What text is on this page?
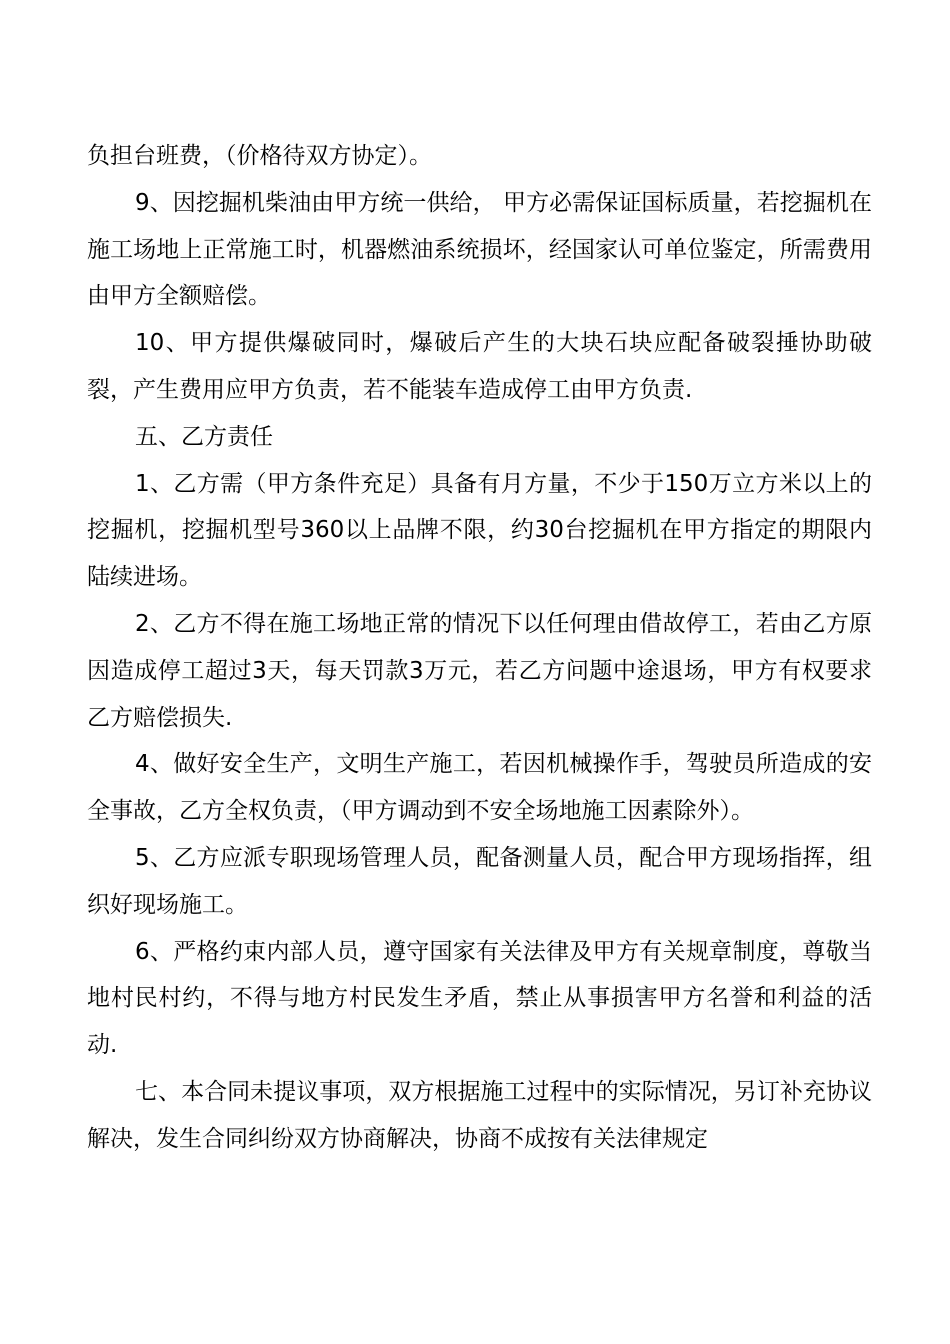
负担台班费，（价格待双方协定）。

9、因挖掘机柴油由甲方统一供给， 甲方必需保证国标质量，若挖掘机在施工场地上正常施工时，机器燃油系统损坏，经国家认可单位鉴定，所需费用由甲方全额赔偿。

10、甲方提供爆破同时，爆破后产生的大块石块应配备破裂捶协助破裂，产生费用应甲方负责，若不能装车造成停工由甲方负责.

五、乙方责任

1、乙方需（甲方条件充足）具备有月方量，不少于150万立方米以上的挖掘机，挖掘机型号360以上品牌不限，约30台挖掘机在甲方指定的期限内陆续进场。

2、乙方不得在施工场地正常的情况下以任何理由借故停工，若由乙方原因造成停工超过3天，每天罚款3万元，若乙方问题中途退场，甲方有权要求乙方赔偿损失.

4、做好安全生产，文明生产施工，若因机械操作手，驾驶员所造成的安全事故，乙方全权负责，（甲方调动到不安全场地施工因素除外）。

5、乙方应派专职现场管理人员，配备测量人员，配合甲方现场指挥，组织好现场施工。

6、严格约束内部人员，遵守国家有关法律及甲方有关规章制度，尊敬当地村民村约，不得与地方村民发生矛盾，禁止从事损害甲方名誉和利益的活动.

七、本合同未提议事项，双方根据施工过程中的实际情况，另订补充协议解决，发生合同纠纷双方协商解决，协商不成按有关法律规定
